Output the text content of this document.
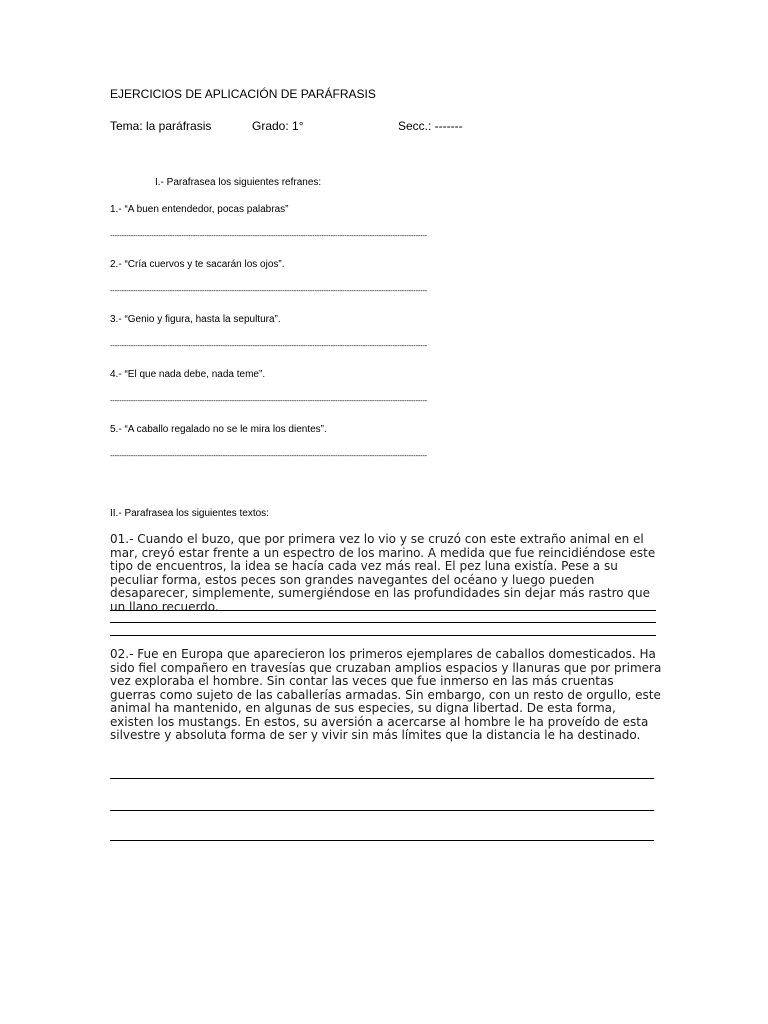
EJERCICIOS DE APLICACIÓN DE PARÁFRASIS
Tema: la paráfrasis	Grado: 1°	Secc.: -------
I.- Parafrasea los siguientes refranes:
1.- “A buen entendedor, pocas palabras”
------------------------------------------------------------------------------------------------------------------------------------------
2.- “Cría cuervos y te sacarán los ojos”.
------------------------------------------------------------------------------------------------------------------------------------------
3.- “Genio y figura, hasta la sepultura”.
------------------------------------------------------------------------------------------------------------------------------------------
4.- “El que nada debe, nada teme”.
------------------------------------------------------------------------------------------------------------------------------------------
5.- “A caballo regalado no se le mira los dientes”.
------------------------------------------------------------------------------------------------------------------------------------------
II.- Parafrasea los siguientes textos:
01.- Cuando el buzo, que por primera vez lo vio y se cruzó con este extraño animal en el mar, creyó estar frente a un espectro de los marino. A medida que fue reincidiéndose este tipo de encuentros, la idea se hacía cada vez más real. El pez luna existía. Pese a su peculiar forma, estos peces son grandes navegantes del océano y luego pueden desaparecer, simplemente, sumergiéndose en las profundidades sin dejar más rastro que un llano recuerdo.
02.- Fue en Europa que aparecieron los primeros ejemplares de caballos domesticados. Ha sido fiel compañero en travesías que cruzaban amplios espacios y llanuras que por primera vez exploraba el hombre. Sin contar las veces que fue inmerso en las más cruentas guerras como sujeto de las caballerías armadas. Sin embargo, con un resto de orgullo, este animal ha mantenido, en algunas de sus especies, su digna libertad. De esta forma, existen los mustangs. En estos, su aversión a acercarse al hombre le ha proveído de esta silvestre y absoluta forma de ser y vivir sin más límites que la distancia le ha destinado.
